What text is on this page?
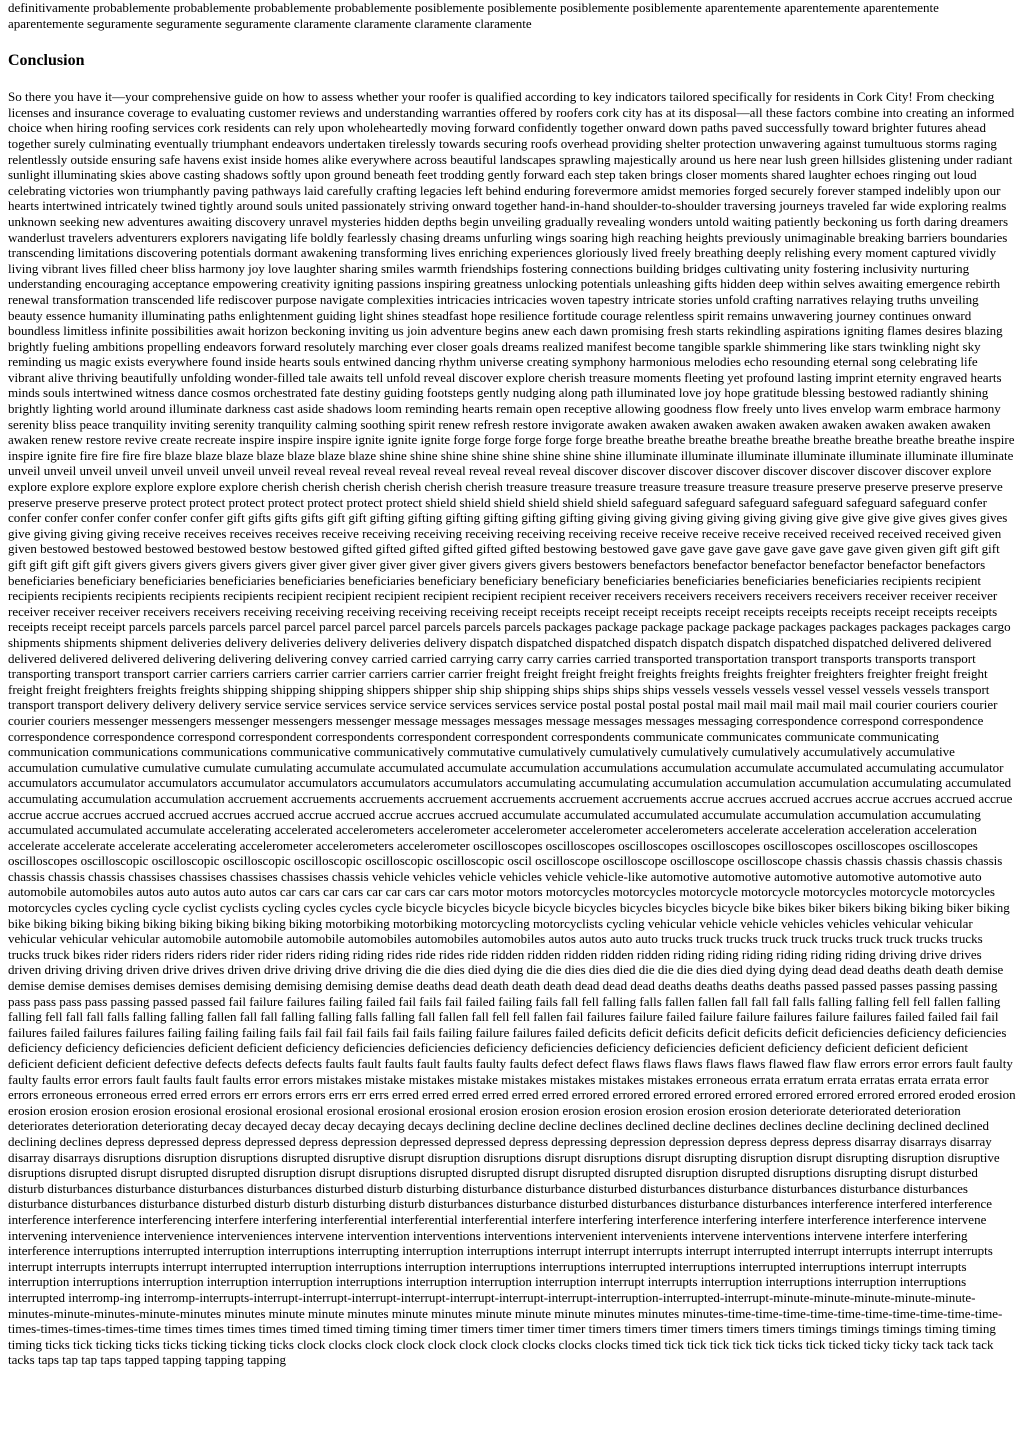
definitivamente probablemente probablemente probablemente probablemente posiblemente posiblemente posiblemente posiblemente aparentemente aparentemente aparentemente aparentemente seguramente seguramente seguramente claramente claramente claramente claramente

Conclusion

So there you have it—your comprehensive guide on how to assess whether your roofer is qualified according to key indicators tailored specifically for residents in Cork City! From checking licenses and insurance coverage to evaluating customer reviews and understanding warranties offered by roofers cork city has at its disposal—all these factors combine into creating an informed choice when hiring roofing services cork residents can rely upon wholeheartedly moving forward confidently together onward down paths paved successfully toward brighter futures ahead together surely culminating eventually triumphant endeavors undertaken tirelessly towards securing roofs overhead providing shelter protection unwavering against tumultuous storms raging relentlessly outside ensuring safe havens exist inside homes alike everywhere across beautiful landscapes sprawling majestically around us here near lush green hillsides glistening under radiant sunlight illuminating skies above casting shadows softly upon ground beneath feet trodding gently forward each step taken brings closer moments shared laughter echoes ringing out loud celebrating victories won triumphantly paving pathways laid carefully crafting legacies left behind enduring forevermore amidst memories forged securely forever stamped indelibly upon our hearts intertwined intricately twined tightly around souls united passionately striving onward together hand-in-hand shoulder-to-shoulder traversing journeys traveled far wide exploring realms unknown seeking new adventures awaiting discovery unravel mysteries hidden depths begin unveiling gradually revealing wonders untold waiting patiently beckoning us forth daring dreamers wanderlust travelers adventurers explorers navigating life boldly fearlessly chasing dreams unfurling wings soaring high reaching heights previously unimaginable breaking barriers boundaries transcending limitations discovering potentials dormant awakening transforming lives enriching experiences gloriously lived freely breathing deeply relishing every moment captured vividly living vibrant lives filled cheer bliss harmony joy love laughter sharing smiles warmth friendships fostering connections building bridges cultivating unity fostering inclusivity nurturing understanding encouraging acceptance empowering creativity igniting passions inspiring greatness unlocking potentials unleashing gifts hidden deep within selves awaiting emergence rebirth renewal transformation transcended life rediscover purpose navigate complexities intricacies intricacies woven tapestry intricate stories unfold crafting narratives relaying truths unveiling beauty essence humanity illuminating paths enlightenment guiding light shines steadfast hope resilience fortitude courage relentless spirit remains unwavering journey continues onward boundless limitless infinite possibilities await horizon beckoning inviting us join adventure begins anew each dawn promising fresh starts rekindling aspirations igniting flames desires blazing brightly fueling ambitions propelling endeavors forward resolutely marching ever closer goals dreams realized manifest become tangible sparkle shimmering like stars twinkling night sky reminding us magic exists everywhere found inside hearts souls entwined dancing rhythm universe creating symphony harmonious melodies echo resounding eternal song celebrating life vibrant alive thriving beautifully unfolding wonder-filled tale awaits tell unfold reveal discover explore cherish treasure moments fleeting yet profound lasting imprint eternity engraved hearts minds souls intertwined witness dance cosmos orchestrated fate destiny guiding footsteps gently nudging along path illuminated love joy hope gratitude blessing bestowed radiantly shining brightly lighting world around illuminate darkness cast aside shadows loom reminding hearts remain open receptive allowing goodness flow freely unto lives envelop warm embrace harmony serenity bliss peace tranquility inviting serenity tranquility calming soothing spirit renew refresh restore invigorate awaken awaken awaken awaken awaken awaken awaken awaken awaken awaken renew restore revive create recreate inspire inspire inspire ignite ignite ignite forge forge forge forge forge breathe breathe breathe breathe breathe breathe breathe breathe breathe inspire inspire ignite fire fire fire fire blaze blaze blaze blaze blaze blaze blaze shine shine shine shine shine shine shine shine illuminate illuminate illuminate illuminate illuminate illuminate illuminate unveil unveil unveil unveil unveil unveil unveil unveil reveal reveal reveal reveal reveal reveal reveal reveal discover discover discover discover discover discover discover discover explore explore explore explore explore explore explore cherish cherish cherish cherish cherish cherish treasure treasure treasure treasure treasure treasure treasure preserve preserve preserve preserve preserve preserve preserve protect protect protect protect protect protect protect shield shield shield shield shield shield safeguard safeguard safeguard safeguard safeguard safeguard confer confer confer confer confer confer confer gift gifts gifts gifts gift gift gifting gifting gifting gifting gifting gifting giving giving giving giving giving giving give give give give gives gives gives give giving giving giving receive receives receives receives receive receiving receiving receiving receiving receiving receive receive receive receive received received received received given given bestowed bestowed bestowed bestowed bestow bestowed gifted gifted gifted gifted gifted gifted bestowing bestowed gave gave gave gave gave gave gave gave given given gift gift gift gift gift gift gift gift givers givers givers givers givers giver giver giver giver giver giver givers givers givers bestowers benefactors benefactor benefactor benefactor benefactor benefactors beneficiaries beneficiary beneficiaries beneficiaries beneficiaries beneficiaries beneficiary beneficiary beneficiary beneficiaries beneficiaries beneficiaries beneficiaries recipients recipient recipients recipients recipients recipients recipients recipient recipient recipient recipient recipient recipient receiver receivers receivers receivers receivers receivers receiver receiver receiver receiver receiver receiver receivers receivers receiving receiving receiving receiving receiving receipt receipts receipt receipt receipts receipt receipts receipts receipts receipt receipts receipts receipts receipt receipt parcels parcels parcels parcel parcel parcel parcel parcel parcels parcels parcels packages package package package package packages packages packages packages cargo shipments shipments shipment deliveries delivery deliveries delivery deliveries delivery dispatch dispatched dispatched dispatch dispatch dispatch dispatched dispatched delivered delivered delivered delivered delivered delivering delivering delivering convey carried carried carrying carry carry carries carried transported transportation transport transports transports transport transporting transport transport carrier carriers carriers carrier carrier carriers carrier carrier freight freight freight freight freights freights freights freighter freighters freighter freight freight freight freight freighters freights freights shipping shipping shipping shippers shipper ship ship shipping ships ships ships ships vessels vessels vessels vessel vessel vessels vessels transport transport transport delivery delivery delivery service service services service service services services service postal postal postal postal mail mail mail mail mail mail courier couriers courier courier couriers messenger messengers messenger messengers messenger message messages messages message messages messages messaging correspondence correspond correspondence correspondence correspondence correspond correspondent correspondents correspondent correspondent correspondents communicate communicates communicate communicating communication communications communications communicative communicatively commutative cumulatively cumulatively cumulatively cumulatively accumulatively accumulative accumulation cumulative cumulative cumulate cumulating accumulate accumulated accumulate accumulation accumulations accumulation accumulate accumulated accumulating accumulator accumulators accumulator accumulators accumulator accumulators accumulators accumulators accumulating accumulating accumulation accumulation accumulation accumulating accumulated accumulating accumulation accumulation accruement accruements accruements accruement accruements accruement accruements accrue accrues accrued accrues accrue accrues accrued accrue accrue accrue accrues accrued accrued accrues accrued accrue accrued accrue accrues accrued accumulate accumulated accumulated accumulate accumulation accumulation accumulating accumulated accumulated accumulate accelerating accelerated accelerometers accelerometer accelerometer accelerometer accelerometers accelerate acceleration acceleration acceleration accelerate accelerate accelerate accelerating accelerometer accelerometers accelerometer oscilloscopes oscilloscopes oscilloscopes oscilloscopes oscilloscopes oscilloscopes oscilloscopes oscilloscopes oscilloscopic oscilloscopic oscilloscopic oscilloscopic oscilloscopic oscilloscopic oscil oscilloscope oscilloscope oscilloscope oscilloscope chassis chassis chassis chassis chassis chassis chassis chassis chassises chassises chassises chassises chassis vehicle vehicles vehicle vehicles vehicle vehicle-like automotive automotive automotive automotive automotive auto automobile automobiles autos auto autos auto autos car cars car cars car car cars car cars motor motors motorcycles motorcycles motorcycle motorcycle motorcycles motorcycle motorcycles motorcycles cycles cycling cycle cyclist cyclists cycling cycles cycles cycle bicycle bicycles bicycle bicycle bicycles bicycles bicycles bicycle bike bikes biker bikers biking biking biker biking bike biking biking biking biking biking biking biking biking motorbiking motorbiking motorcycling motorcyclists cycling vehicular vehicle vehicle vehicles vehicles vehicular vehicular vehicular vehicular vehicular automobile automobile automobile automobiles automobiles automobiles autos autos auto auto trucks truck trucks truck truck trucks truck truck trucks trucks trucks truck bikes rider riders riders riders rider rider riders riding riding rides ride rides ride ridden ridden ridden ridden ridden riding riding riding riding riding riding driving drive drives driven driving driving driven drive drives driven drive driving drive driving die die dies died dying die die dies dies died die die die dies died dying dying dead dead deaths death death demise demise demise demises demises demises demising demising demising demise deaths dead death death death dead dead dead deaths deaths deaths deaths passed passed passes passing passing pass pass pass pass passing passed passed fail failure failures failing failed fail fails fail failed failing fails fall fell falling falls fallen fallen fall fall fall falls falling falling fell fell fallen falling falling fell fall fall falls falling falling fallen fall fall falling falling falls falling fall fallen fall fell fell fallen fail failures failure failed failure failure failures failure failures failed failed fail fail failures failed failures failures failing failing failing fails fail fail fail fails fail fails failing failure failures failed deficits deficit deficits deficit deficits deficit deficiencies deficiency deficiencies deficiency deficiency deficiencies deficient deficient deficiency deficiencies deficiencies deficiency deficiencies deficiency deficiencies deficient deficiency deficient deficient deficient deficient deficient deficient defective defects defects defects faults fault faults fault faults faulty faults defect defect flaws flaws flaws flaws flaws flawed flaw flaw errors error errors fault faulty faulty faults error errors fault faults fault faults error errors mistakes mistake mistakes mistake mistakes mistakes mistakes mistakes erroneous errata erratum errata erratas errata errata error errors erroneous erroneous erred erred errors err errors errors errs err errs erred erred erred erred erred erred errored errored errored errored errored errored errored errored errored eroded erosion erosion erosion erosion erosion erosional erosional erosional erosional erosional erosional erosion erosion erosion erosion erosion erosion erosion deteriorate deteriorated deterioration deteriorates deterioration deteriorating decay decayed decay decay decaying decays declining decline decline declines declined decline declines declines decline declining declined declined declining declines depress depressed depress depressed depress depression depressed depressed depress depressing depression depression depress depress depress disarray disarrays disarray disarray disarrays disruptions disruption disruptions disrupted disruptive disrupt disruption disruptions disrupt disruptions disrupt disrupting disruption disrupt disrupting disruption disruptive disruptions disrupted disrupt disrupted disrupted disruption disrupt disruptions disrupted disrupted disrupt disrupted disrupted disruption disrupted disruptions disrupting disrupt disturbed disturb disturbances disturbance disturbances disturbances disturbed disturb disturbing disturbance disturbance disturbed disturbances disturbance disturbances disturbance disturbances disturbance disturbances disturbance disturbed disturb disturb disturbing disturb disturbances disturbance disturbed disturbances disturbance disturbances interference interfered interference interference interference interferencing interfere interfering interferential interferential interferential interfere interfering interference interfering interfere interference interference intervene intervening intervenience intervenience interveniences intervene intervention interventions interventions intervenient intervenients intervene interventions intervene interfere interfering interference interruptions interrupted interruption interruptions interrupting interruption interruptions interrupt interrupt interrupts interrupt interrupted interrupt interrupts interrupt interrupts interrupt interrupts interrupts interrupt interrupted interruption interruptions interruption interruptions interruptions interrupted interruptions interrupted interruptions interrupt interrupts interruption interruptions interruption interruption interruption interruptions interruption interruption interruption interrupt interrupts interruption interruptions interruption interruptions interrupted interromp-ing interromp-interrupts-interrupt-interrupt-interrupt-interrupt-interrupt-interrupt-interrupt-interruption-interrupted-interrupt-minute-minute-minute-minute-minute-minutes-minute-minutes-minute-minutes minutes minute minute minutes minute minutes minute minute minute minutes minutes minutes-time-time-time-time-time-time-time-time-time-time-times-times-times-times-time times times times times timed timed timing timing timer timers timer timer timer timers timers timer timers timers timers timings timings timings timing timing timing ticks tick ticking ticks ticks ticking ticking ticks clock clocks clock clock clock clock clock clocks clocks clocks timed tick tick tick tick tick ticks tick ticked ticky ticky tack tack tack tacks taps tap tap taps tapped tapping tapping tapping
